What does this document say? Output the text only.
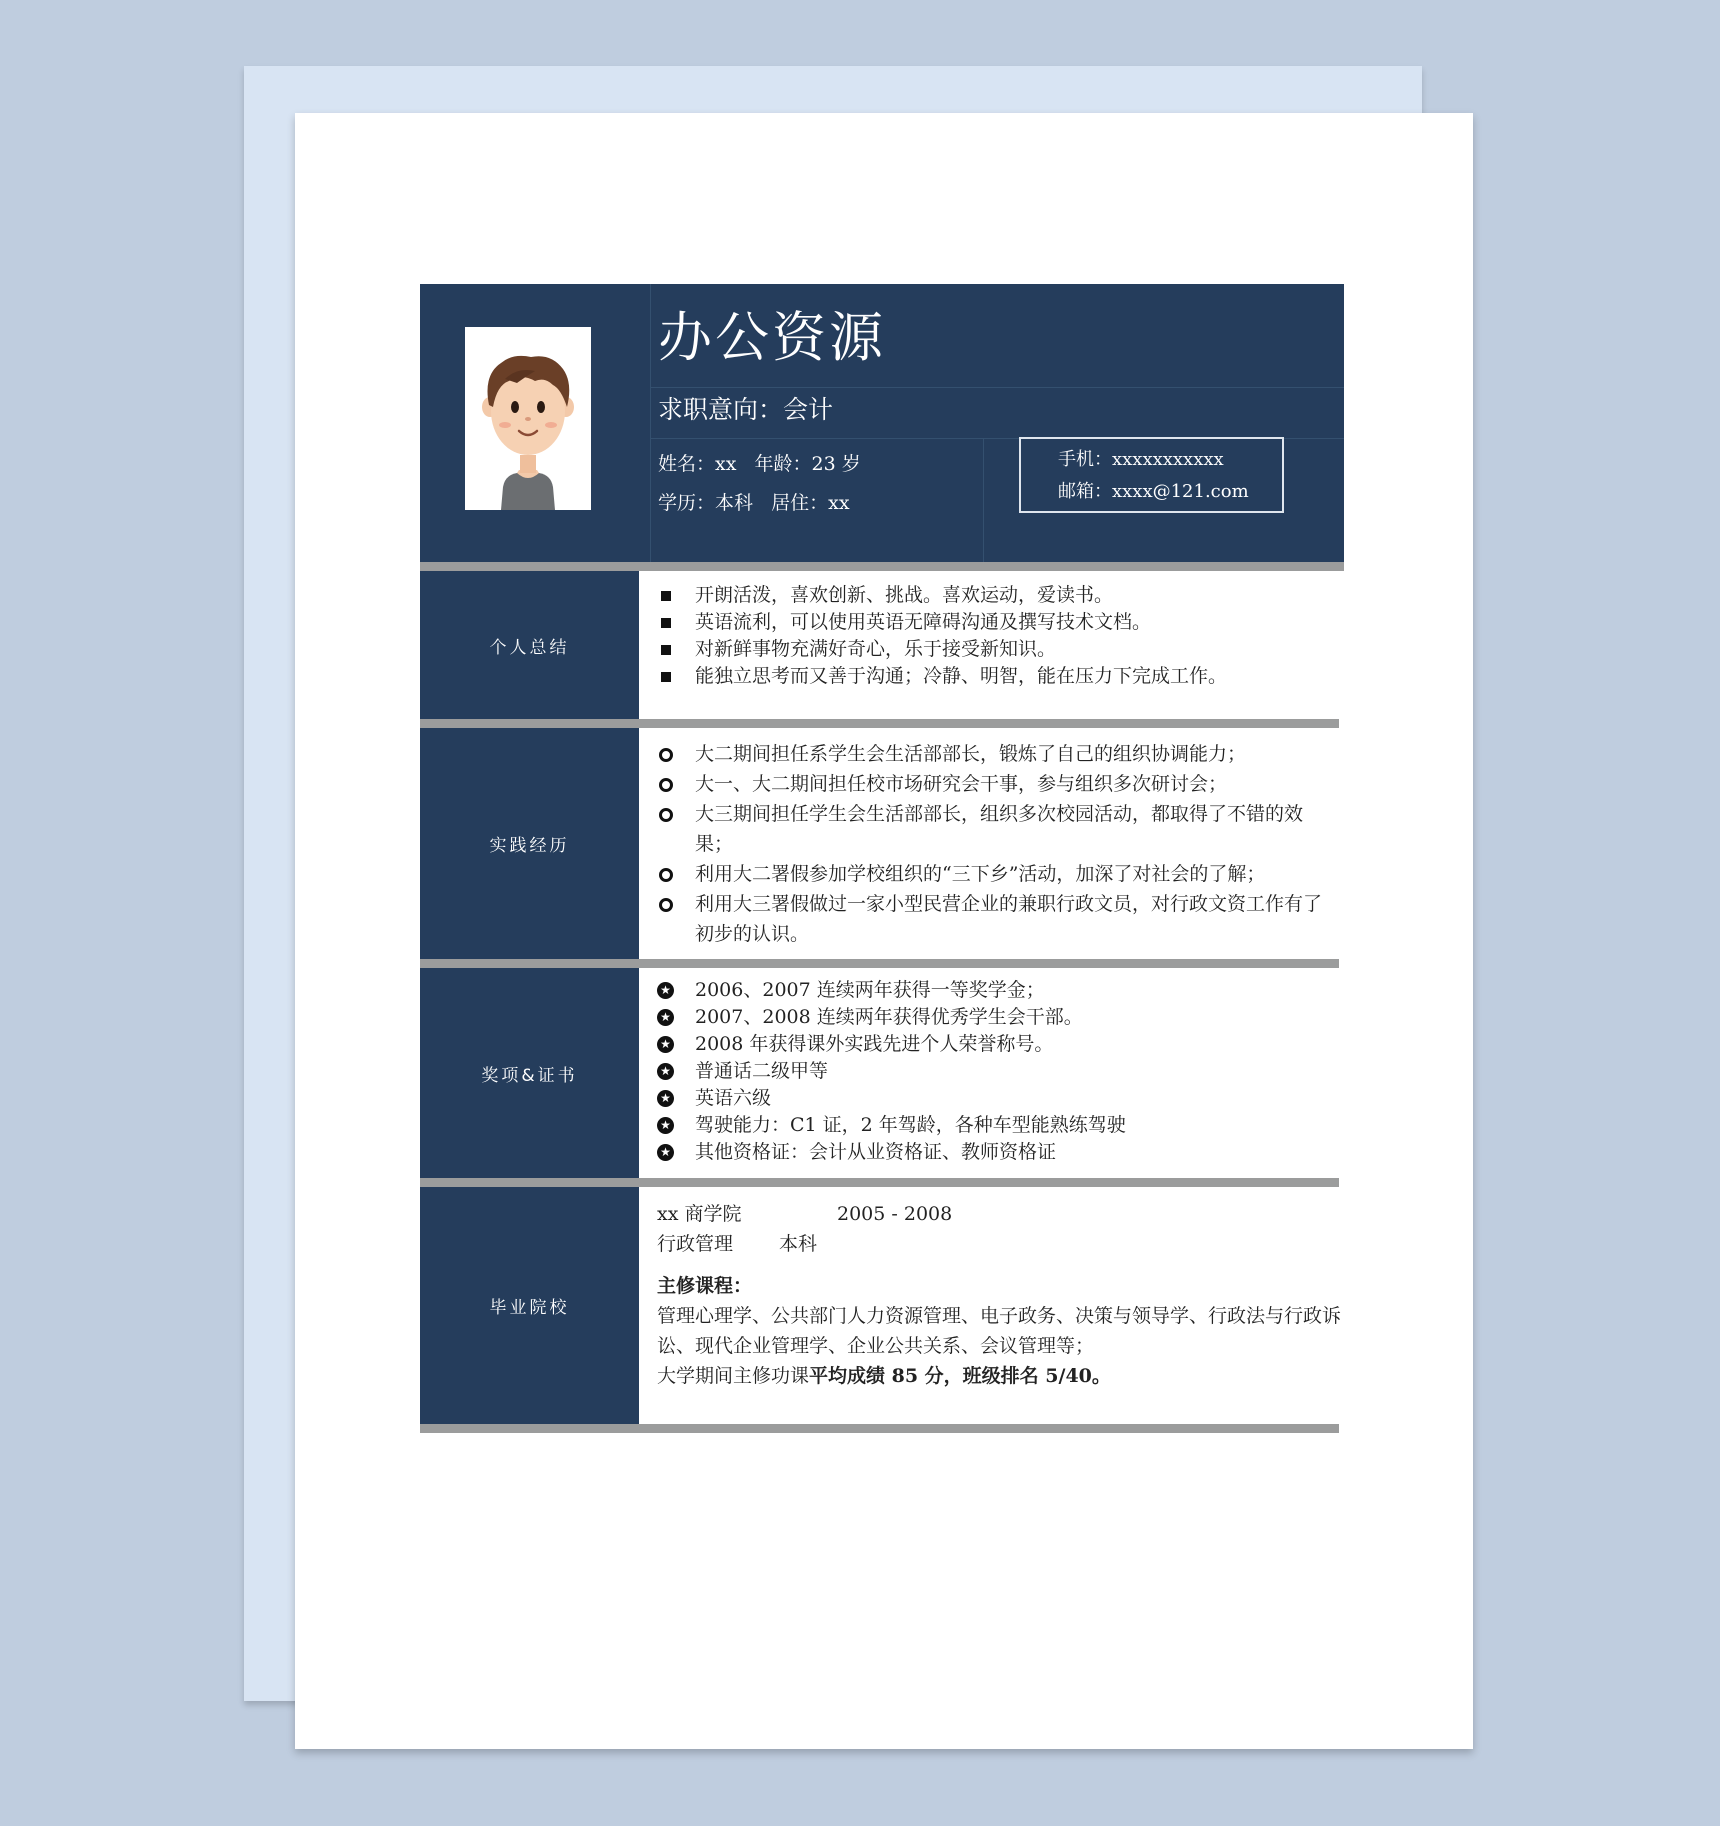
办公资源
求职意向：会计
姓名：xx   年龄：23 岁
学历：本科   居住：xx
手机：xxxxxxxxxxx
邮箱：xxxx@121.com
个人总结
开朗活泼，喜欢创新、挑战。喜欢运动，爱读书。
英语流利，可以使用英语无障碍沟通及撰写技术文档。
对新鲜事物充满好奇心，乐于接受新知识。
能独立思考而又善于沟通；冷静、明智，能在压力下完成工作。
实践经历
大二期间担任系学生会生活部部长，锻炼了自己的组织协调能力；
大一、大二期间担任校市场研究会干事，参与组织多次研讨会；
大三期间担任学生会生活部部长，组织多次校园活动，都取得了不错的效果；
利用大二署假参加学校组织的“三下乡”活动，加深了对社会的了解；
利用大三署假做过一家小型民营企业的兼职行政文员，对行政文资工作有了初步的认识。
奖项&证书
★ 2006、2007 连续两年获得一等奖学金；
★ 2007、2008 连续两年获得优秀学生会干部。
★ 2008 年获得课外实践先进个人荣誉称号。
★ 普通话二级甲等
★ 英语六级
★ 驾驶能力：C1 证，2 年驾龄，各种车型能熟练驾驶
★ 其他资格证：会计从业资格证、教师资格证
毕业院校
xx 商学院	2005 - 2008
行政管理 本科
主修课程：
管理心理学、公共部门人力资源管理、电子政务、决策与领导学、行政法与行政诉讼、现代企业管理学、企业公共关系、会议管理等；
大学期间主修功课平均成绩 85 分，班级排名 5/40。
